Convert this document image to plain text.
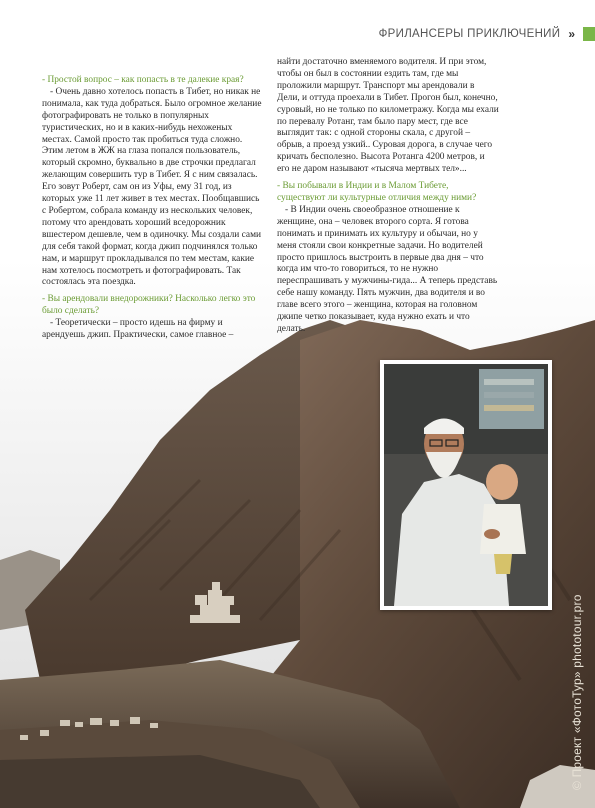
ФРИЛАНСЕРЫ ПРИКЛЮЧЕНИЙ »

- Простой вопрос – как попасть в те далекие края?

- Очень давно хотелось попасть в Тибет, но никак не понимала, как туда добраться. Было огромное желание фотографировать не только в популярных туристических, но и в каких-нибудь нехоженых местах. Самой просто так пробиться туда сложно. Этим летом в ЖЖ на глаза попался пользователь, который скромно, буквально в две строчки предлагал желающим совершить тур в Тибет. Я с ним связалась. Его зовут Роберт, сам он из Уфы, ему 31 год, из которых уже 11 лет живет в тех местах. Пообщавшись с Робертом, собрала команду из нескольких человек, потому что арендовать хороший вседорожник вшестером дешевле, чем в одиночку. Мы создали сами для себя такой формат, когда джип подчинялся только нам, и маршрут прокладывался по тем местам, какие нам хотелось посмотреть и фотографировать. Так состоялась эта поездка.

- Вы арендовали внедорожники? Насколько легко это было сделать?

- Теоретически – просто идешь на фирму и арендуешь джип. Практически, самое главное –

найти достаточно вменяемого водителя. И при этом, чтобы он был в состоянии ездить там, где мы проложили маршрут. Транспорт мы арендовали в Дели, и оттуда проехали в Тибет. Прогон был, конечно, суровый, но не только по километражу. Когда мы ехали по перевалу Ротанг, там было пару мест, где все выглядит так: с одной стороны скала, с другой – обрыв, а проезд узкий.. Суровая дорога, в случае чего кричать бесполезно. Высота Ротанга 4200 метров, и его не даром называют «тысяча мертвых тел»...

- Вы побывали в Индии и в Малом Тибете, существуют ли культурные отличия между ними?

- В Индии очень своеобразное отношение к женщине, она – человек второго сорта. Я готова понимать и принимать их культуру и обычаи, но у меня стояли свои конкретные задачи. Но водителей просто пришлось выстроить в первые два дня – что когда им что-то говориться, то не нужно переспрашивать у мужчины-гида... А теперь представь себе нашу команду. Пять мужчин, два водителя и во главе всего этого – женщина, которая на головном джипе четко показывает, куда нужно ехать и что делать.

© Проект «ФотоТур» phototour.pro
